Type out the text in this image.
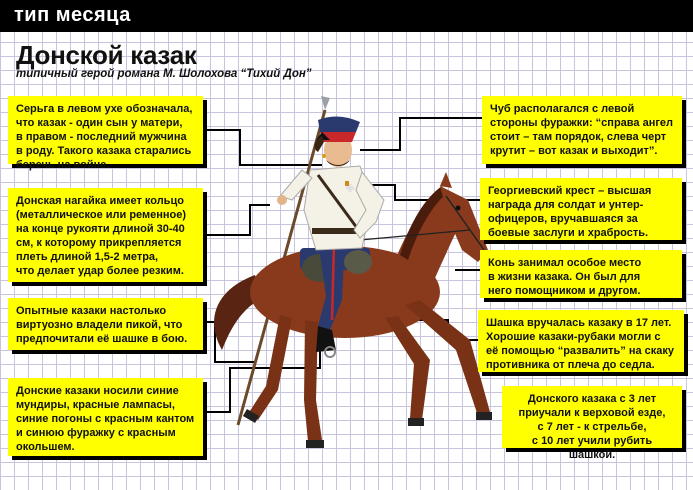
тип месяца
Донской казак
типичный герой романа М. Шолохова “Тихий Дон”
Серьга в левом ухе обозначала,
что казак - один сын у матери,
в правом - последний мужчина
в роду. Такого казака старались
беречь на войне.
Донская нагайка имеет кольцо
(металлическое или ременное)
на конце рукояти длиной 30-40
см, к которому прикрепляется
плеть длиной 1,5-2 метра,
что делает удар более резким.
Опытные казаки настолько
виртуозно владели пикой, что
предпочитали её шашке в бою.
Донские казаки носили синие
мундиры, красные лампасы,
синие погоны с красным кантом
и синюю фуражку с красным
окольшем.
Чуб располагался с левой
стороны фуражки: “справа ангел
стоит – там порядок, слева черт
крутит – вот казак и выходит”.
Георгиевский крест – высшая
награда для солдат и унтер-
офицеров, вручавшаяся за
боевые заслуги и храбрость.
Конь занимал особое место
в жизни казака. Он был для
него помощником и другом.
Шашка вручалась казаку в 17 лет.
Хорошие казаки-рубаки могли с
её помощью “развалить” на скаку
противника от плеча до седла.
Донского казака с 3 лет
приучали к верховой езде,
с 7 лет - к стрельбе,
с 10 лет учили рубить шашкой.
